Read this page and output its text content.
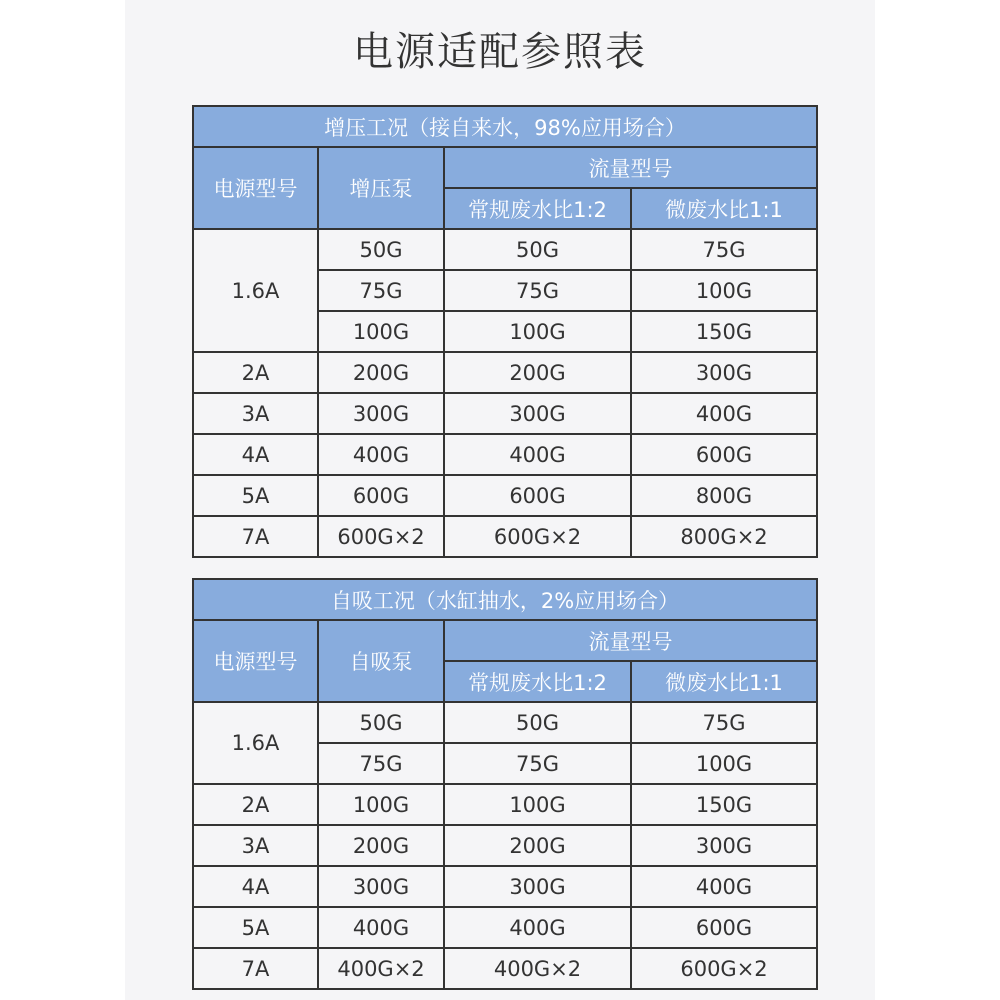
电源适配参照表
增压工况（接自来水，98%应用场合）			
电源型号	增压泵	流量型号	
		常规废水比1:2	微废水比1:1
1.6A	50G	50G	75G
	75G	75G	100G
	100G	100G	150G
2A	200G	200G	300G
3A	300G	300G	400G
4A	400G	400G	600G
5A	600G	600G	800G
7A	600G×2	600G×2	800G×2
自吸工况（水缸抽水，2%应用场合）			
电源型号	自吸泵	流量型号	
		常规废水比1:2	微废水比1:1
1.6A	50G	50G	75G
	75G	75G	100G
2A	100G	100G	150G
3A	200G	200G	300G
4A	300G	300G	400G
5A	400G	400G	600G
7A	400G×2	400G×2	600G×2
